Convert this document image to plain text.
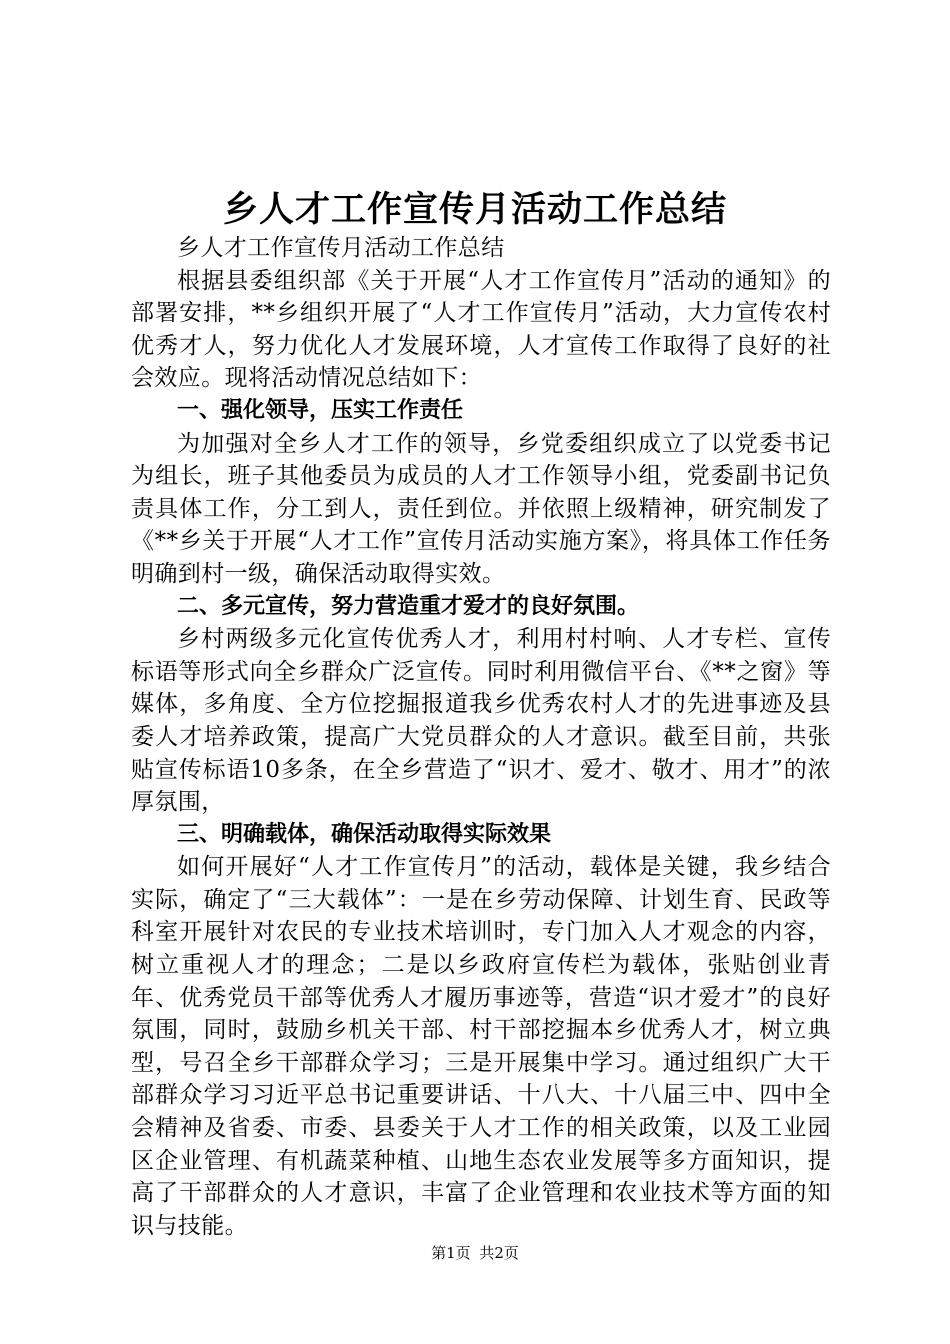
乡人才工作宣传月活动工作总结

乡人才工作宣传月活动工作总结

根据县委组织部《关于开展“人才工作宣传月”活动的通知》的部署安排，**乡组织开展了“人才工作宣传月”活动，大力宣传农村优秀才人，努力优化人才发展环境，人才宣传工作取得了良好的社会效应。现将活动情况总结如下：

一、强化领导，压实工作责任

为加强对全乡人才工作的领导，乡党委组织成立了以党委书记为组长，班子其他委员为成员的人才工作领导小组，党委副书记负责具体工作，分工到人，责任到位。并依照上级精神，研究制发了《**乡关于开展“人才工作”宣传月活动实施方案》，将具体工作任务明确到村一级，确保活动取得实效。

二、多元宣传，努力营造重才爱才的良好氛围。

乡村两级多元化宣传优秀人才，利用村村响、人才专栏、宣传标语等形式向全乡群众广泛宣传。同时利用微信平台、《**之窗》等媒体，多角度、全方位挖掘报道我乡优秀农村人才的先进事迹及县委人才培养政策，提高广大党员群众的人才意识。截至目前，共张贴宣传标语10多条，在全乡营造了“识才、爱才、敬才、用才”的浓厚氛围，

三、明确载体，确保活动取得实际效果

如何开展好“人才工作宣传月”的活动，载体是关键，我乡结合实际，确定了“三大载体”：一是在乡劳动保障、计划生育、民政等科室开展针对农民的专业技术培训时，专门加入人才观念的内容，树立重视人才的理念；二是以乡政府宣传栏为载体，张贴创业青年、优秀党员干部等优秀人才履历事迹等，营造“识才爱才”的良好氛围，同时，鼓励乡机关干部、村干部挖掘本乡优秀人才，树立典型，号召全乡干部群众学习；三是开展集中学习。通过组织广大干部群众学习习近平总书记重要讲话、十八大、十八届三中、四中全会精神及省委、市委、县委关于人才工作的相关政策，以及工业园区企业管理、有机蔬菜种植、山地生态农业发展等多方面知识，提高了干部群众的人才意识，丰富了企业管理和农业技术等方面的知识与技能。

第1页 共2页
